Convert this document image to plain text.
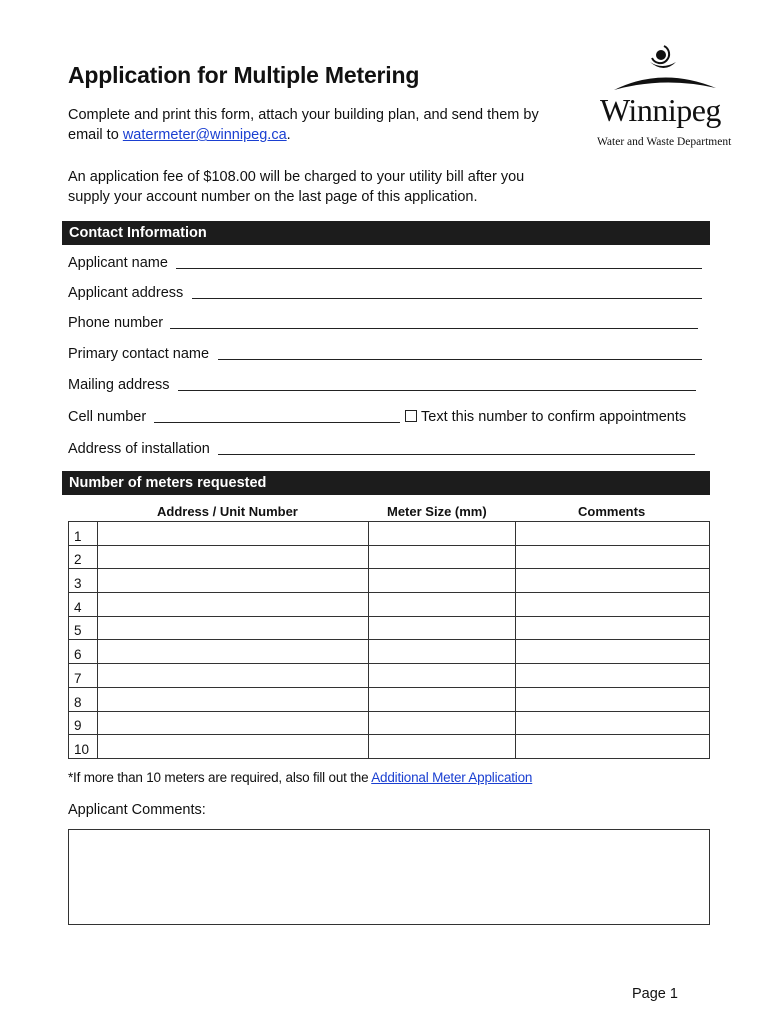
Application for Multiple Metering
Complete and print this form, attach your building plan, and send them by
email to watermeter@winnipeg.ca.
An application fee of $108.00 will be charged to your utility bill after you
supply your account number on the last page of this application.
Winnipeg
Water and Waste Department
Contact Information
Applicant name
Applicant address
Phone number
Primary contact name
Mailing address
Cell number	Text this number to confirm appointments
Address of installation
Number of meters requested
Address / Unit Number	Meter Size (mm)	Comments
1			
2			
3			
4			
5			
6			
7			
8			
9			
10			
*If more than 10 meters are required, also fill out the Additional Meter Application
Applicant Comments:
Page 1
